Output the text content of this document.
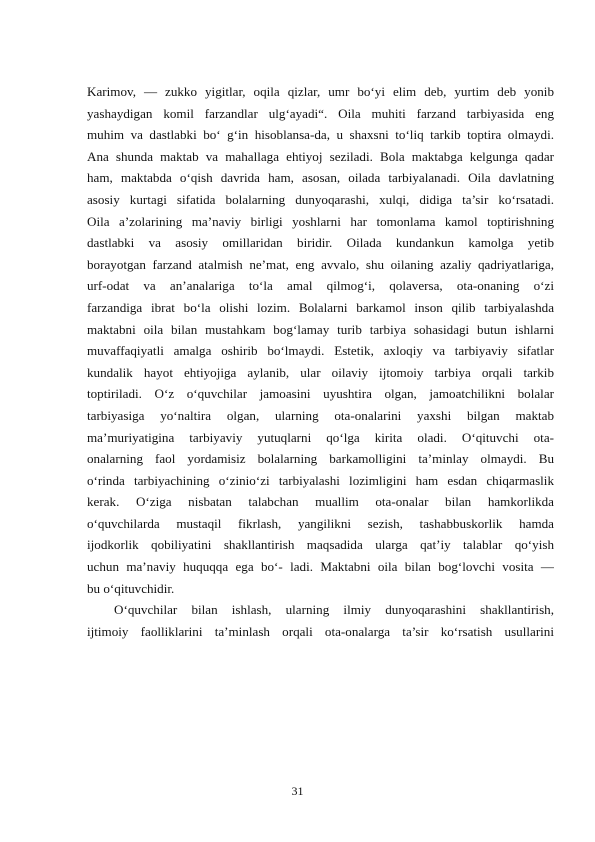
Karimov, — zukko yigitlar, oqila qizlar, umr bo‘yi elim deb, yurtim deb yonib
yashaydigan komil farzandlar ulg‘ayadi“. Oila muhiti farzand tarbiyasida eng
muhim va dastlabki bo‘ g‘in hisoblansa-da, u shaxsni to‘liq tarkib toptira olmaydi.
Ana shunda maktab va mahallaga ehtiyoj seziladi. Bola maktabga kelgunga qadar
ham, maktabda o‘qish davrida ham, asosan, oilada tarbiyalanadi. Oila davlatning
asosiy kurtagi sifatida bolalarning dunyoqarashi, xulqi, didiga ta’sir ko‘rsatadi.
Oila a’zolarining ma’naviy birligi yoshlarni har tomonlama kamol toptirishning
dastlabki va asosiy omillaridan biridir. Oilada kundankun kamolga yetib
borayotgan farzand atalmish ne’mat, eng avvalo, shu oilaning azaliy qadriyatlariga,
urf-odat va an’analariga to‘la amal qilmog‘i, qolaversa, ota-onaning o‘zi
farzandiga ibrat bo‘la olishi lozim. Bolalarni barkamol inson qilib tarbiyalashda
maktabni oila bilan mustahkam bog‘lamay turib tarbiya sohasidagi butun ishlarni
muvaffaqiyatli amalga oshirib bo‘lmaydi. Estetik, axloqiy va tarbiyaviy sifatlar
kundalik hayot ehtiyojiga aylanib, ular oilaviy ijtomoiy tarbiya orqali tarkib
toptiriladi. O‘z o‘quvchilar jamoasini uyushtira olgan, jamoatchilikni bolalar
tarbiyasiga yo‘naltira olgan, ularning ota-onalarini yaxshi bilgan maktab
ma’muriyatigina tarbiyaviy yutuqlarni qo‘lga kirita oladi. O‘qituvchi ota-
onalarning faol yordamisiz bolalarning barkamolligini ta’minlay olmaydi. Bu
o‘rinda tarbiyachining o‘zinio‘zi tarbiyalashi lozimligini ham esdan chiqarmaslik
kerak. O‘ziga nisbatan talabchan muallim ota-onalar bilan hamkorlikda
o‘quvchilarda mustaqil fikrlash, yangilikni sezish, tashabbuskorlik hamda
ijodkorlik qobiliyatini shakllantirish maqsadida ularga qat’iy talablar qo‘yish
uchun ma’naviy huquqqa ega bo‘- ladi. Maktabni oila bilan bog‘lovchi vosita —
bu o‘qituvchidir.
O‘quvchilar bilan ishlash, ularning ilmiy dunyoqarashini shakllantirish,
ijtimoiy faolliklarini ta’minlash orqali ota-onalarga ta’sir ko‘rsatish usullarini
31
